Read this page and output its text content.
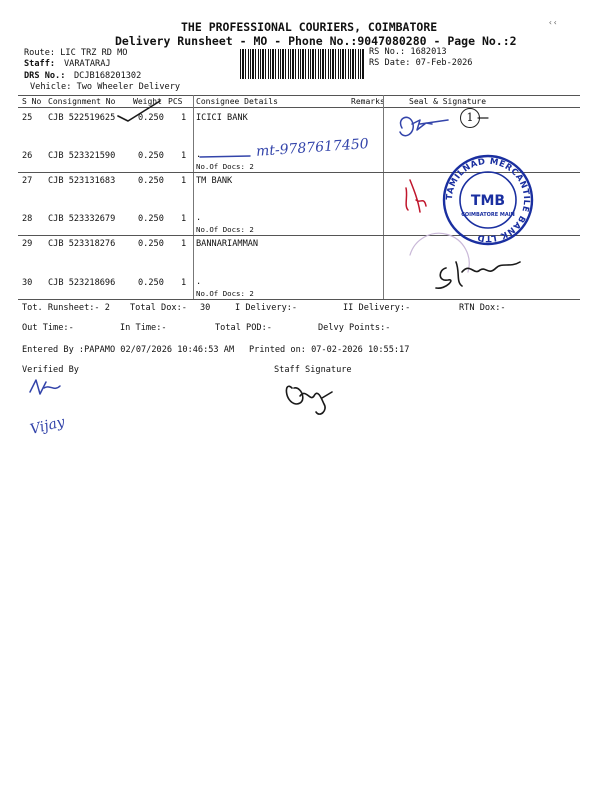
THE PROFESSIONAL COURIERS, COIMBATORE
Delivery Runsheet - MO - Phone No.:9047080280 - Page No.:2
‹‹
Route: LIC TRZ RD MO
Staff: VARATARAJ
DRS No.: DCJB168201302
Vehicle: Two Wheeler Delivery
RS No.: 1682013
RS Date: 07-Feb-2026
S No Consignment No Weight PCS Consignee Details	Remarks	Seal & Signature
25 CJB 522519625	0.250 1 ICICI BANK
26 CJB 523321590	0.250 1 .
No.Of Docs: 2
27 CJB 523131683	0.250 1 TM BANK
28 CJB 523332679	0.250 1 .
No.Of Docs: 2
29 CJB 523318276	0.250 1 BANNARIAMMAN
30 CJB 523218696	0.250 1 .
No.Of Docs: 2
Tot. Runsheet:- 2 Total Dox:- 30	I Delivery:-	II Delivery:-	RTN Dox:-
Out Time:-	In Time:-	Total POD:-	Delvy Points:-
Entered By :PAPAMO 02/07/2026 10:46:53 AM Printed on: 07-02-2026 10:55:17
Verified By	Staff Signature
mt-9787617450
1
Vijay
TAMILNAD MERCANTILE BANK LTD
TMB
COIMBATORE MAIN
